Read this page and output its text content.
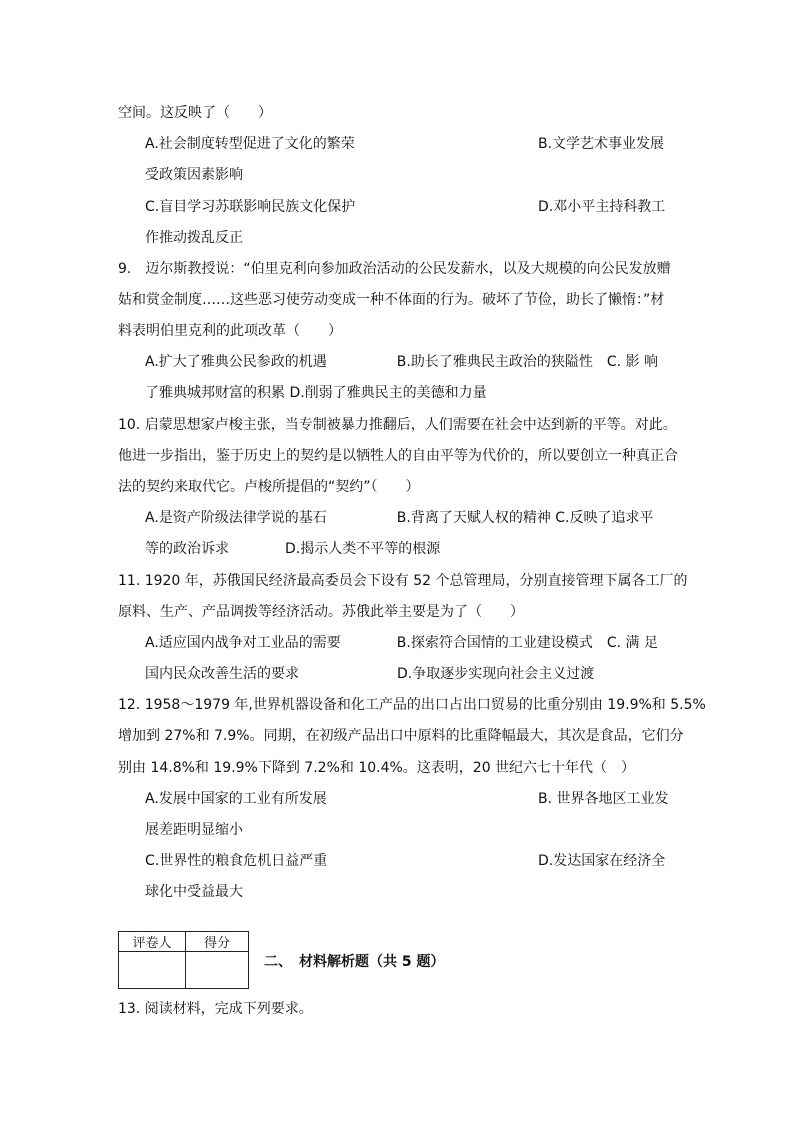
空间。这反映了（　　）
A.社会制度转型促进了文化的繁荣	B.文学艺术事业发展
受政策因素影响
C.盲目学习苏联影响民族文化保护	D.邓小平主持科教工
作推动拨乱反正
9.　迈尔斯教授说：“伯里克利向参加政治活动的公民发薪水，以及大规模的向公民发放赠
姑和赏金制度……这些恶习使劳动变成一种不体面的行为。破坏了节俭，助长了懒惰：”材
料表明伯里克利的此项改革（　　）
A.扩大了雅典公民参政的机遇　　　　　B.助长了雅典民主政治的狭隘性　C. 影 响
了雅典城邦财富的积累 D.削弱了雅典民主的美德和力量
10. 启蒙思想家卢梭主张，当专制被暴力推翻后，人们需要在社会中达到新的平等。对此。
他进一步指出，鉴于历史上的契约是以牺牲人的自由平等为代价的，所以要创立一种真正合
法的契约来取代它。卢梭所提倡的“契约”（　　）
A.是资产阶级法律学说的基石　　　　　B.背离了天赋人权的精神 C.反映了追求平
等的政治诉求　　　　D.揭示人类不平等的根源
11. 1920 年，苏俄国民经济最高委员会下设有 52 个总管理局，分别直接管理下属各工厂的
原料、生产、产品调拨等经济活动。苏俄此举主要是为了（　　）
A.适应国内战争对工业品的需要　　　　B.探索符合国情的工业建设模式　C. 满 足
国内民众改善生活的要求　　　　　　　D.争取逐步实现向社会主义过渡
12. 1958～1979 年,世界机器设备和化工产品的出口占出口贸易的比重分别由 19.9%和 5.5%
增加到 27%和 7.9%。同期，在初级产品出口中原料的比重降幅最大，其次是食品，它们分
别由 14.8%和 19.9%下降到 7.2%和 10.4%。这表明，20 世纪六七十年代（　）
A.发展中国家的工业有所发展	B. 世界各地区工业发
展差距明显缩小
C.世界性的粮食危机日益严重	D.发达国家在经济全
球化中受益最大
评卷人	得分

二、　材料解析题（共 5 题）
13. 阅读材料，完成下列要求。
